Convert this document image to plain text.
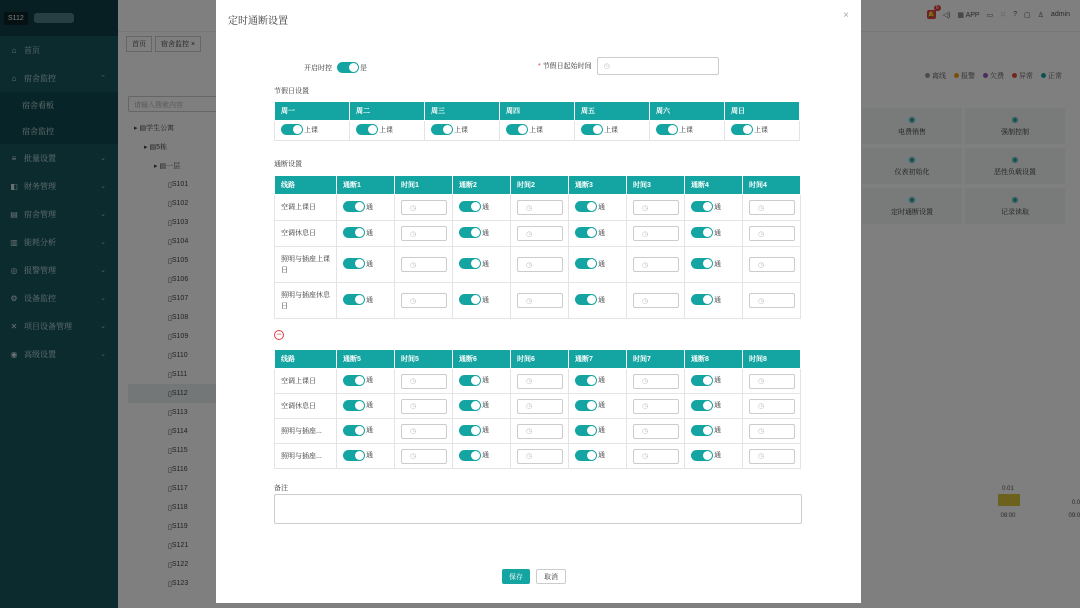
定时通断设置
×
开启时控	是	* 节假日起始时间	◷
节假日设置
周一	周二	周三	周四	周五	周六	周日

上课	上课	上课	上课	上课	上课	上课
通断设置
线路	通断1	时间1	通断2	时间2	通断3	时间3	通断4	时间4
空调上课日	通	◷	通	◷	通	◷	通	◷
空调休息日	通	◷	通	◷	通	◷	通	◷
照明与插座上课日	通	◷	通	◷	通	◷	通	◷
照明与插座休息日	通	◷	通	◷	通	◷	通	◷
−
线路	通断5	时间5	通断6	时间6	通断7	时间7	通断8	时间8
空调上课日	通	◷	通	◷	通	◷	通	◷
空调休息日	通	◷	通	◷	通	◷	通	◷
照明与插座...	通	◷	通	◷	通	◷	通	◷
照明与插座...	通	◷	通	◷	通	◷	通	◷
备注
保存	取消
